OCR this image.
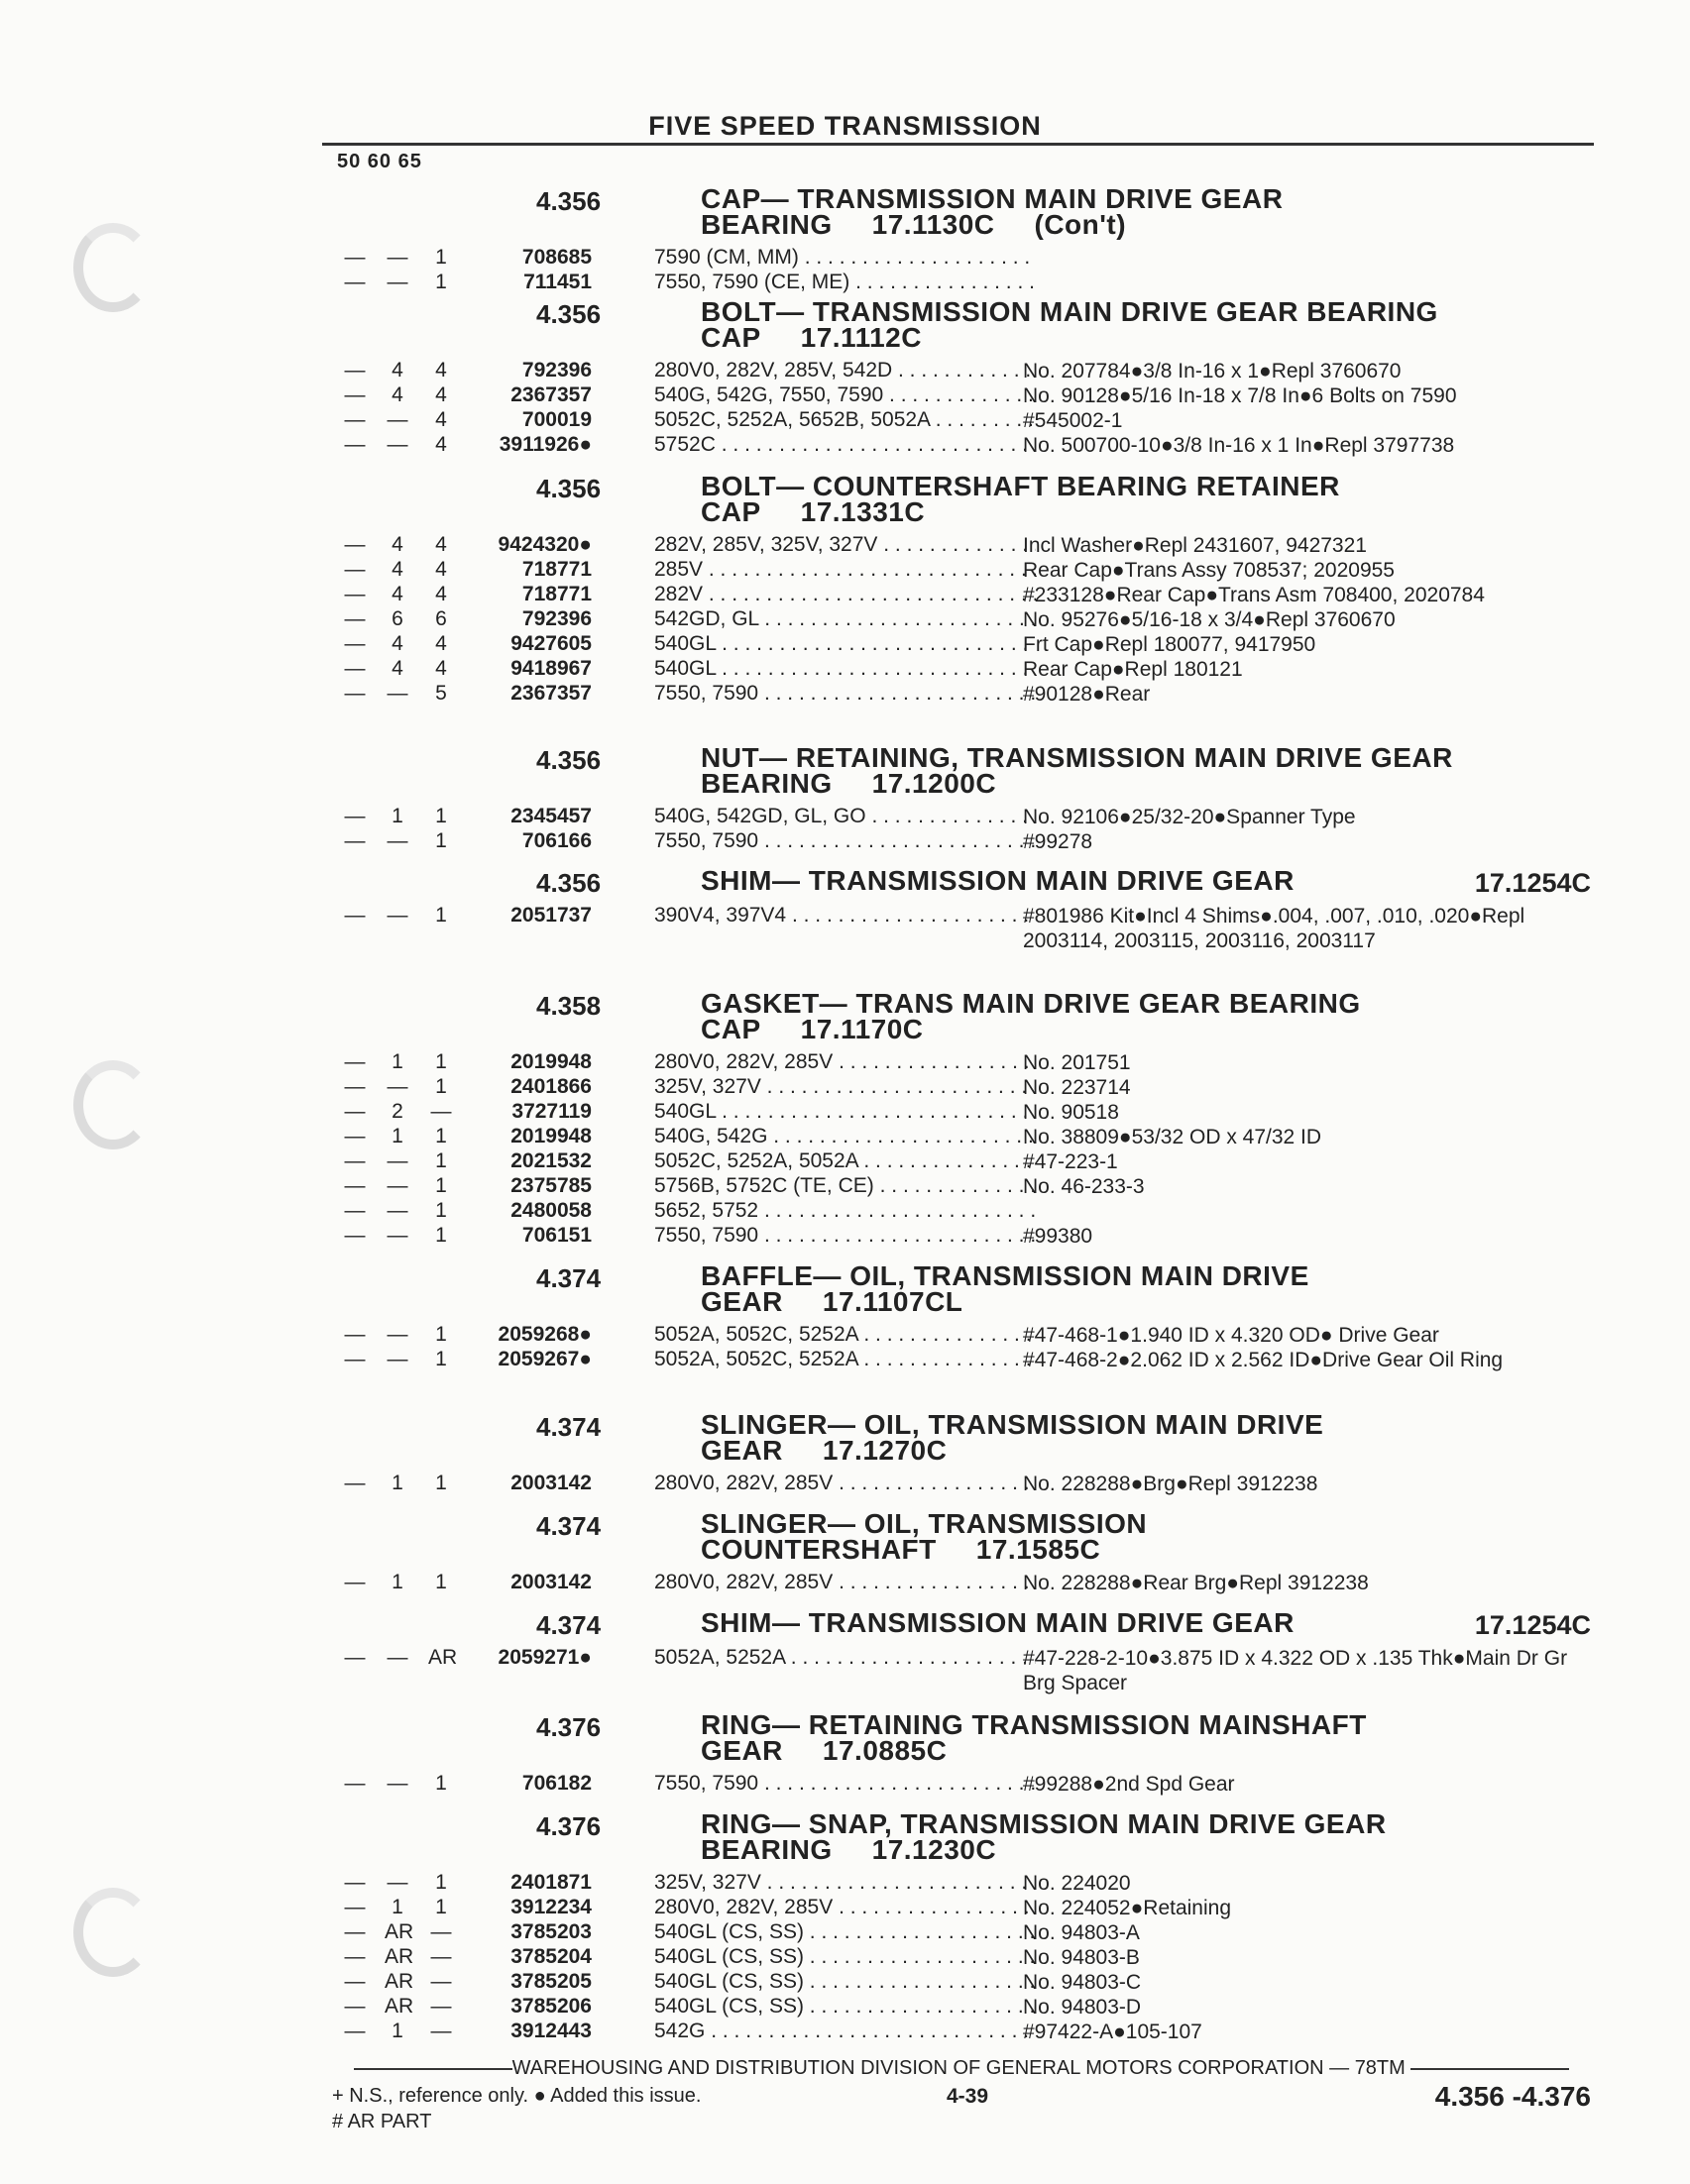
FIVE SPEED TRANSMISSION
50 60 65
4.356	CAP— TRANSMISSION MAIN DRIVE GEAR
BEARING 17.1130C (Con't)
— —	1	708685	7590 (CM, MM) . . .
— —	1	711451	7550, 7590 (CE, ME) . . .
4.356	BOLT— TRANSMISSION MAIN DRIVE GEAR BEARING
CAP 17.1112C
—	4	4	792396	280V0, 282V, 285V, 542D . . .	No. 207784●3/8 In-16 x 1●Repl 3760670
—	4	4	2367357	540G, 542G, 7550, 7590 . . .	No. 90128●5/16 In-18 x 7/8 In●6 Bolts on 7590
— —	4	700019	5052C, 5252A, 5652B, 5052A . . .	#545002-1
— —	4	3911926●	5752C . . .	No. 500700-10●3/8 In-16 x 1 In●Repl 3797738
4.356	BOLT— COUNTERSHAFT BEARING RETAINER
CAP 17.1331C
—	4	4	9424320●	282V, 285V, 325V, 327V . . .	Incl Washer●Repl 2431607, 9427321
—	4	4	718771	285V . . .	Rear Cap●Trans Assy 708537; 2020955
—	4	4	718771	282V . . .	#233128●Rear Cap●Trans Asm 708400, 2020784
—	6	6	792396	542GD, GL . . .	No. 95276●5/16-18 x 3/4●Repl 3760670
—	4	4	9427605	540GL . . .	Frt Cap●Repl 180077, 9417950
—	4	4	9418967	540GL . . .	Rear Cap●Repl 180121
— —	5	2367357	7550, 7590 . . .	#90128●Rear
4.356	NUT— RETAINING, TRANSMISSION MAIN DRIVE GEAR
BEARING 17.1200C
—	1	1	2345457	540G, 542GD, GL, GO . . .	No. 92106●25/32-20●Spanner Type
— —	1	706166	7550, 7590 . . .	#99278
4.356	SHIM— TRANSMISSION MAIN DRIVE GEAR	17.1254C
— —	1	2051737	390V4, 397V4 . . .	#801986 Kit●Incl 4 Shims●.004, .007, .010, .020●Repl 2003114, 2003115, 2003116, 2003117
4.358	GASKET— TRANS MAIN DRIVE GEAR BEARING
CAP 17.1170C
—	1	1	2019948	280V0, 282V, 285V . . .	No. 201751
— —	1	2401866	325V, 327V . . .	No. 223714
—	2	—	3727119	540GL . . .	No. 90518
—	1	1	2019948	540G, 542G . . .	No. 38809●53/32 OD x 47/32 ID
— —	1	2021532	5052C, 5252A, 5052A . . .	#47-223-1
— —	1	2375785	5756B, 5752C (TE, CE) . . .	No. 46-233-3
— —	1	2480058	5652, 5752 . . .
— —	1	706151	7550, 7590 . . .	#99380
4.374	BAFFLE— OIL, TRANSMISSION MAIN DRIVE
GEAR 17.1107CL
— —	1	2059268●	5052A, 5052C, 5252A . . .	#47-468-1●1.940 ID x 4.320 OD● Drive Gear
— —	1	2059267●	5052A, 5052C, 5252A . . .	#47-468-2●2.062 ID x 2.562 ID●Drive Gear Oil Ring
4.374	SLINGER— OIL, TRANSMISSION MAIN DRIVE
GEAR 17.1270C
—	1	1	2003142	280V0, 282V, 285V . . .	No. 228288●Brg●Repl 3912238
4.374	SLINGER— OIL, TRANSMISSION
COUNTERSHAFT 17.1585C
—	1	1	2003142	280V0, 282V, 285V . . .	No. 228288●Rear Brg●Repl 3912238
4.374	SHIM— TRANSMISSION MAIN DRIVE GEAR	17.1254C
— — AR	2059271●	5052A, 5252A . . .	#47-228-2-10●3.875 ID x 4.322 OD x .135 Thk●Main Dr Gr Brg Spacer
4.376	RING— RETAINING TRANSMISSION MAINSHAFT
GEAR 17.0885C
— —	1	706182	7550, 7590 . . .	#99288●2nd Spd Gear
4.376	RING— SNAP, TRANSMISSION MAIN DRIVE GEAR
BEARING 17.1230C
— —	1	2401871	325V, 327V . . .	No. 224020
—	1	1	3912234	280V0, 282V, 285V . . .	No. 224052●Retaining
— AR —	3785203	540GL (CS, SS) . . .	No. 94803-A
— AR —	3785204	540GL (CS, SS) . . .	No. 94803-B
— AR —	3785205	540GL (CS, SS) . . .	No. 94803-C
— AR —	3785206	540GL (CS, SS) . . .	No. 94803-D
—	1	—	3912443	542G . . .	#97422-A●105-107
WAREHOUSING AND DISTRIBUTION DIVISION OF GENERAL MOTORS CORPORATION — 78TM
+ N.S., reference only. ● Added this issue.	4-39	4.356 -4.376
# AR PART
